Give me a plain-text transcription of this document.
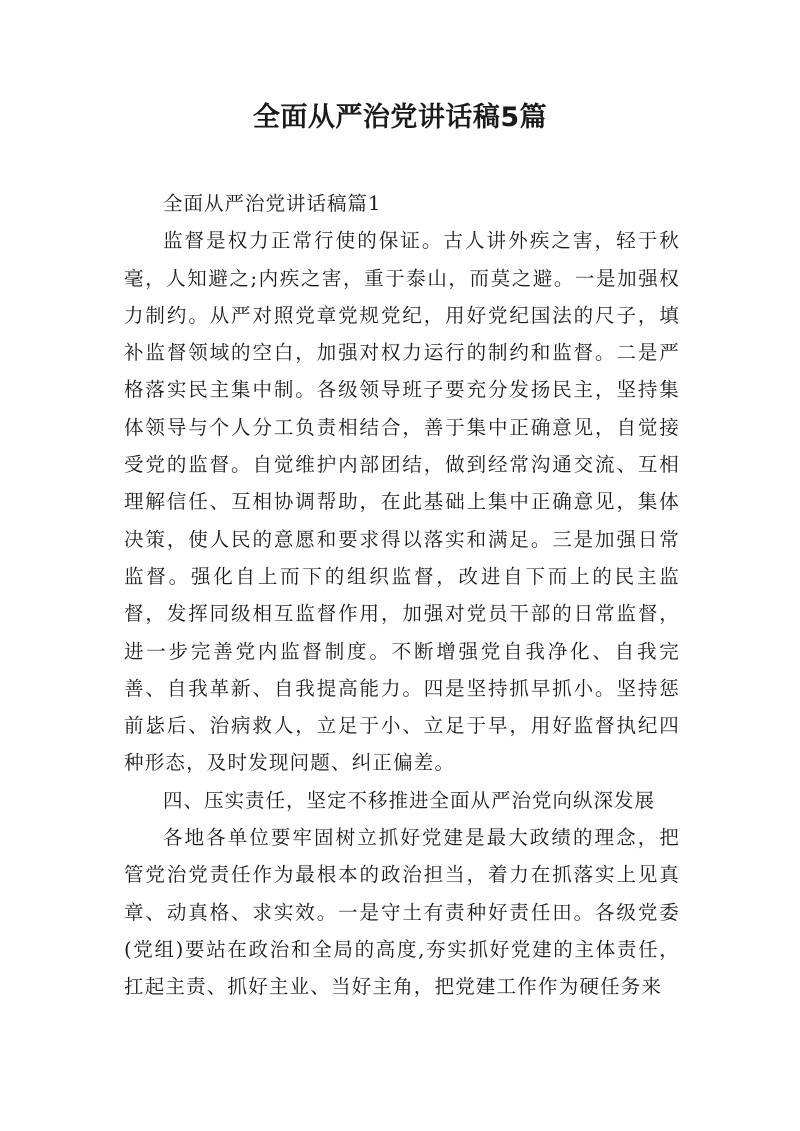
全面从严治党讲话稿5篇

全面从严治党讲话稿篇1

监督是权力正常行使的保证。古人讲外疾之害，轻于秋毫，人知避之;内疾之害，重于泰山，而莫之避。一是加强权力制约。从严对照党章党规党纪，用好党纪国法的尺子，填补监督领域的空白，加强对权力运行的制约和监督。二是严格落实民主集中制。各级领导班子要充分发扬民主，坚持集体领导与个人分工负责相结合，善于集中正确意见，自觉接受党的监督。自觉维护内部团结，做到经常沟通交流、互相理解信任、互相协调帮助，在此基础上集中正确意见，集体决策，使人民的意愿和要求得以落实和满足。三是加强日常监督。强化自上而下的组织监督，改进自下而上的民主监督，发挥同级相互监督作用，加强对党员干部的日常监督，进一步完善党内监督制度。不断增强党自我净化、自我完善、自我革新、自我提高能力。四是坚持抓早抓小。坚持惩前毖后、治病救人，立足于小、立足于早，用好监督执纪四种形态，及时发现问题、纠正偏差。

四、压实责任，坚定不移推进全面从严治党向纵深发展

各地各单位要牢固树立抓好党建是最大政绩的理念，把管党治党责任作为最根本的政治担当，着力在抓落实上见真章、动真格、求实效。一是守土有责种好责任田。各级党委(党组)要站在政治和全局的高度,夯实抓好党建的主体责任，扛起主责、抓好主业、当好主角，把党建工作作为硬任务来
